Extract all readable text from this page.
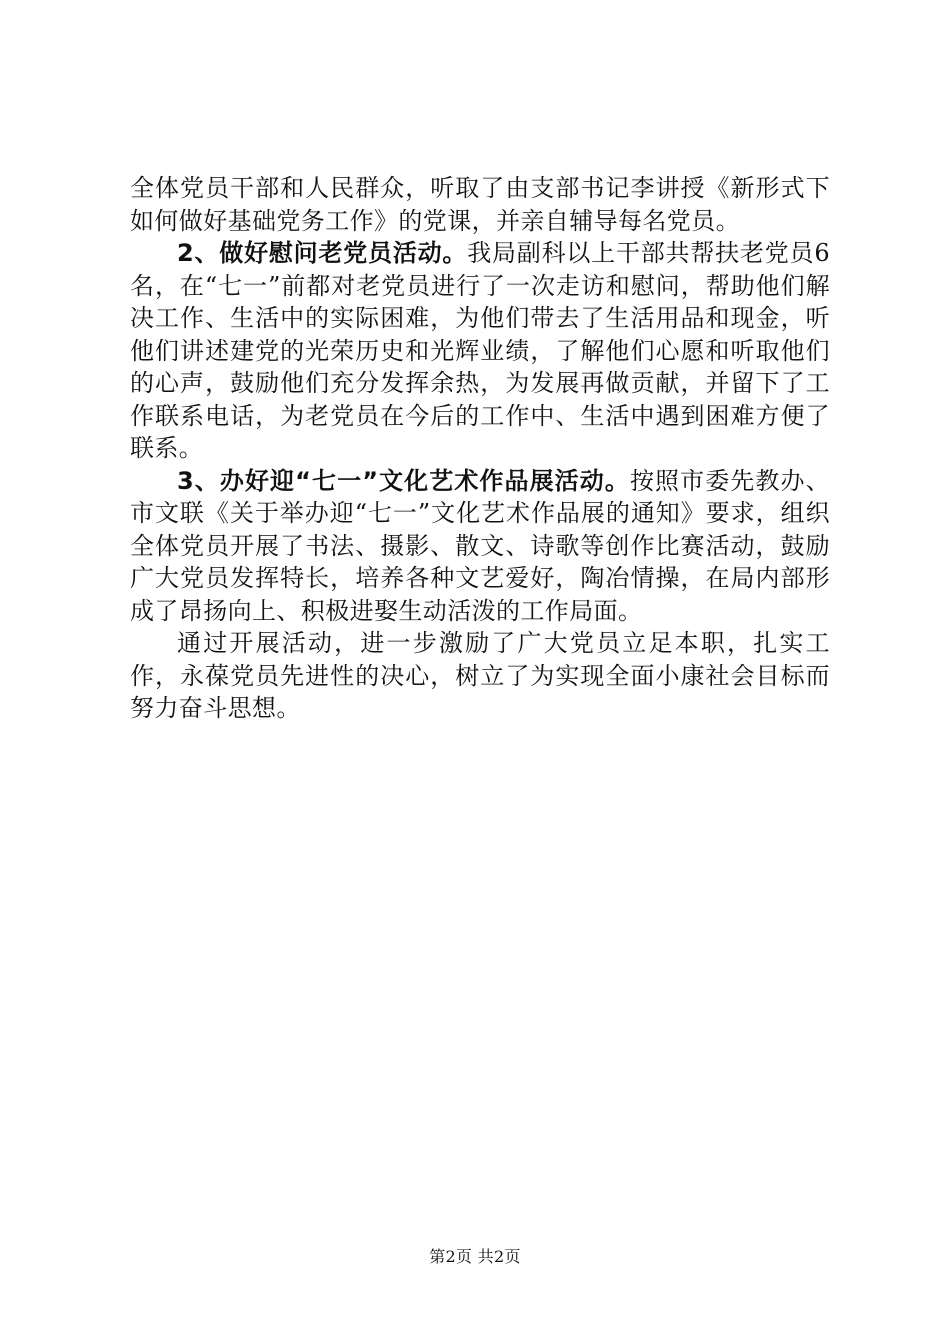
全体党员干部和人民群众，听取了由支部书记李讲授《新形式下如何做好基础党务工作》的党课，并亲自辅导每名党员。

2、做好慰问老党员活动。我局副科以上干部共帮扶老党员6名，在“七一”前都对老党员进行了一次走访和慰问，帮助他们解决工作、生活中的实际困难，为他们带去了生活用品和现金，听他们讲述建党的光荣历史和光辉业绩，了解他们心愿和听取他们的心声，鼓励他们充分发挥余热，为发展再做贡献，并留下了工作联系电话，为老党员在今后的工作中、生活中遇到困难方便了联系。

3、办好迎“七一”文化艺术作品展活动。按照市委先教办、市文联《关于举办迎“七一”文化艺术作品展的通知》要求，组织全体党员开展了书法、摄影、散文、诗歌等创作比赛活动，鼓励广大党员发挥特长，培养各种文艺爱好，陶冶情操，在局内部形成了昂扬向上、积极进娶生动活泼的工作局面。

通过开展活动，进一步激励了广大党员立足本职，扎实工作，永葆党员先进性的决心，树立了为实现全面小康社会目标而努力奋斗思想。

第2页 共2页
